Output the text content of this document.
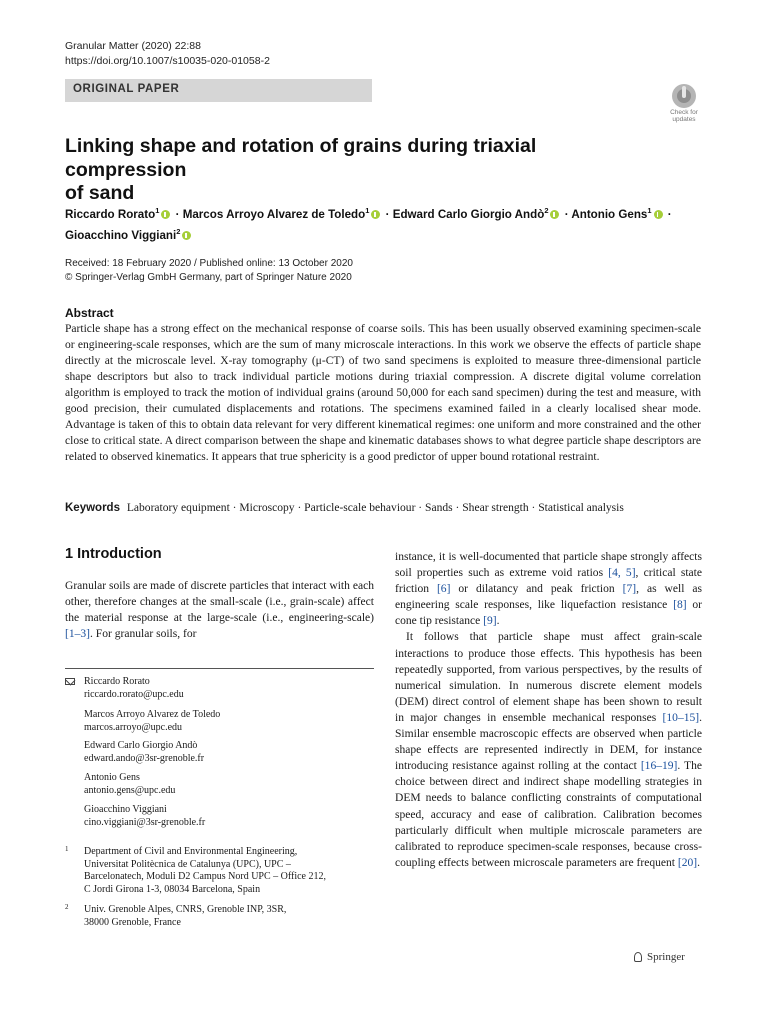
Granular Matter (2020) 22:88
https://doi.org/10.1007/s10035-020-01058-2
ORIGINAL PAPER
Check for
updates
Linking shape and rotation of grains during triaxial compression
of sand
Riccardo Rorato$^1$ · Marcos Arroyo Alvarez de Toledo$^1$ · Edward Carlo Giorgio Andò$^2$ · Antonio Gens$^1$ ·
Gioacchino Viggiani$^2$
Received: 18 February 2020 / Published online: 13 October 2020
© Springer-Verlag GmbH Germany, part of Springer Nature 2020
Abstract
Particle shape has a strong effect on the mechanical response of coarse soils. This has been usually observed examining specimen-scale or engineering-scale responses, which are the sum of many microscale interactions. In this work we observe the effects of particle shape directly at the microscale level. X-ray tomography (μ-CT) of two sand specimens is exploited to measure three-dimensional particle shape descriptors but also to track individual particle motions during triaxial compression. A discrete digital volume correlation algorithm is employed to track the motion of individual grains (around 50,000 for each sand specimen) during the test and measure, with good precision, their cumulated displacements and rotations. The specimens examined failed in a clearly localised shear mode. Advantage is taken of this to obtain data relevant for very different kinematical regimes: one uniform and more constrained and the other close to critical state. A direct comparison between the shape and kinematic databases shows to what degree particle shape descriptors are related to observed kinematics. It appears that true sphericity is a good predictor of upper bound rotational restraint.
Keywords Laboratory equipment · Microscopy · Particle-scale behaviour · Sands · Shear strength · Statistical analysis
1 Introduction
Granular soils are made of discrete particles that interact with each other, therefore changes at the small-scale (i.e., grain-scale) affect the material response at the large-scale (i.e., engineering-scale) [1–3]. For granular soils, for
Riccardo Rorato
riccardo.rorato@upc.edu
Marcos Arroyo Alvarez de Toledo
marcos.arroyo@upc.edu
Edward Carlo Giorgio Andò
edward.ando@3sr-grenoble.fr
Antonio Gens
antonio.gens@upc.edu
Gioacchino Viggiani
cino.viggiani@3sr-grenoble.fr
1 Department of Civil and Environmental Engineering,
Universitat Politècnica de Catalunya (UPC), UPC –
Barcelonatech, Moduli D2 Campus Nord UPC – Office 212,
C Jordi Girona 1-3, 08034 Barcelona, Spain
2 Univ. Grenoble Alpes, CNRS, Grenoble INP, 3SR,
38000 Grenoble, France

instance, it is well-documented that particle shape strongly affects soil properties such as extreme void ratios [4, 5], critical state friction [6] or dilatancy and peak friction [7], as well as engineering scale responses, like liquefaction resistance [8] or cone tip resistance [9].

It follows that particle shape must affect grain-scale interactions to produce those effects. This hypothesis has been repeatedly supported, from various perspectives, by the results of numerical simulation. In numerous discrete element models (DEM) direct control of element shape has been shown to result in major changes in ensemble mechanical responses [10–15]. Similar ensemble macroscopic effects are observed when particle shape effects are represented indirectly in DEM, for instance introducing resistance against rolling at the contact [16–19]. The choice between direct and indirect shape modelling strategies in DEM needs to balance conflicting constraints of computational speed, accuracy and ease of calibration. Calibration becomes particularly difficult when multiple microscale parameters are calibrated to reproduce specimen-scale responses, because cross-coupling effects between microscale parameters are frequent [20].

Springer
